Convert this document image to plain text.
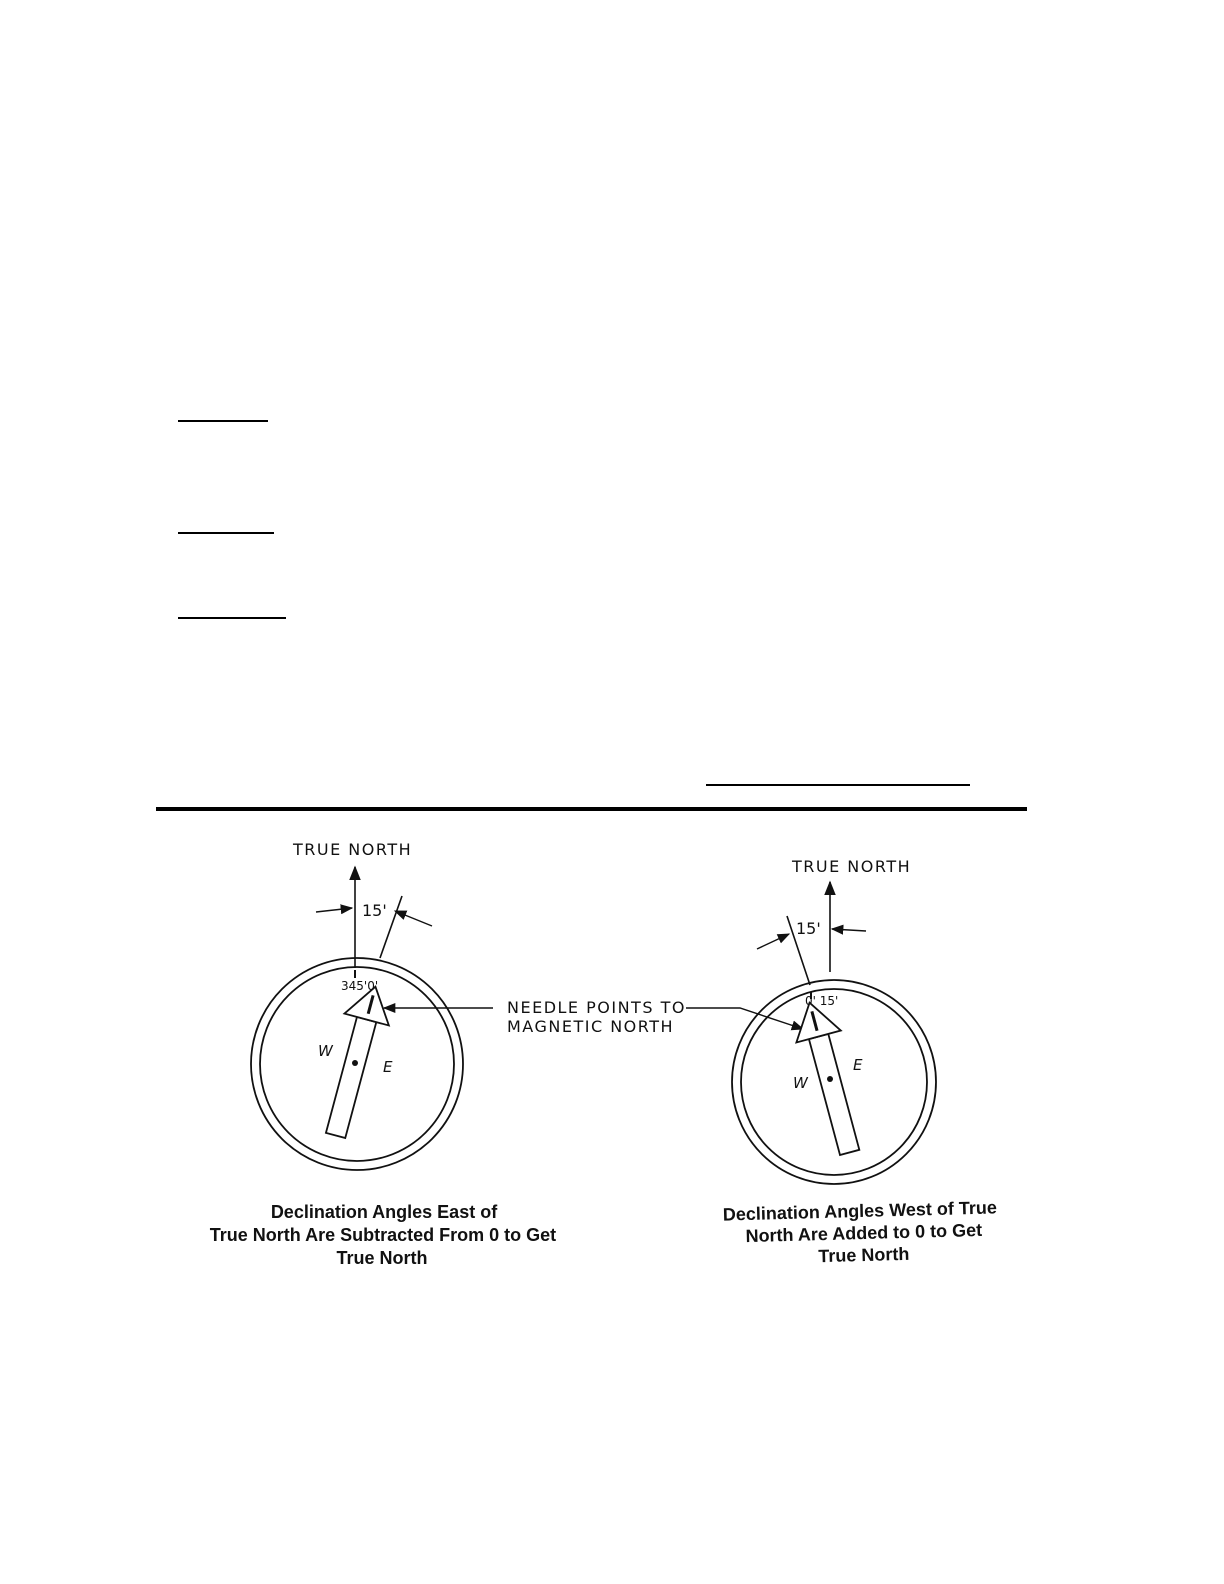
TRUE NORTH
15'
345'0'
W
E
Declination Angles East of
True North Are Subtracted From 0 to Get
True North
NEEDLE POINTS TO
MAGNETIC NORTH
TRUE NORTH
15'
0' 15'
W
E
Declination Angles West of True
North Are Added to 0 to Get
True North
